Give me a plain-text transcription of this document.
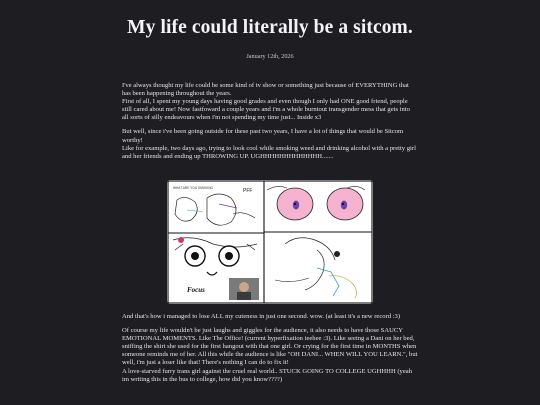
My life could literally be a sitcom.
January 12th, 2026

I've always thought my life could be some kind of tv show or something just because of EVERYTHING that has been happening throughout the years.
First of all, I spent my young days having good grades and even though I only had ONE good friend, people still cared about me! Now fastfoward a couple years and i'm a whole burntout transgender mess that gets into all sorts of silly endeavours when i'm not spending my time just... Inside x3

But well, since i've been going outside for these past two years, I have a lot of things that would be Sitcom worthy!
Like for example, two days ago, trying to look cool while smoking weed and drinking alcohol with a pretty girl and her friends and ending up THROWING UP. UGHHHHHHHHHHHHH.......

WHAT ARE YOU SMOKING	PFF
Focus

And that's how i managed to lose ALL my cuteness in just one second. wow. (at least it's a new record :3)

Of course my life wouldn't be just laughs and giggles for the audience, it also needs to have those SAUCY EMOTIONAL MOMENTS. Like The Office! (current hyperfixation teehee :3). Like seeing a Dani on her bed, sniffing the shirt she used for the first hangout with that one girl. Or crying for the first time in MONTHS when someone reminds me of her. All this while the audience is like "OH DANI... WHEN WILL YOU LEARN.", but well, i'm just a loser like that! There's nothing I can do to fix it!
A love-starved furry trans girl against the cruel real world.. STUCK GOING TO COLLEGE UGHHHH (yeah im writing this in the bus to college, how did you know????)
